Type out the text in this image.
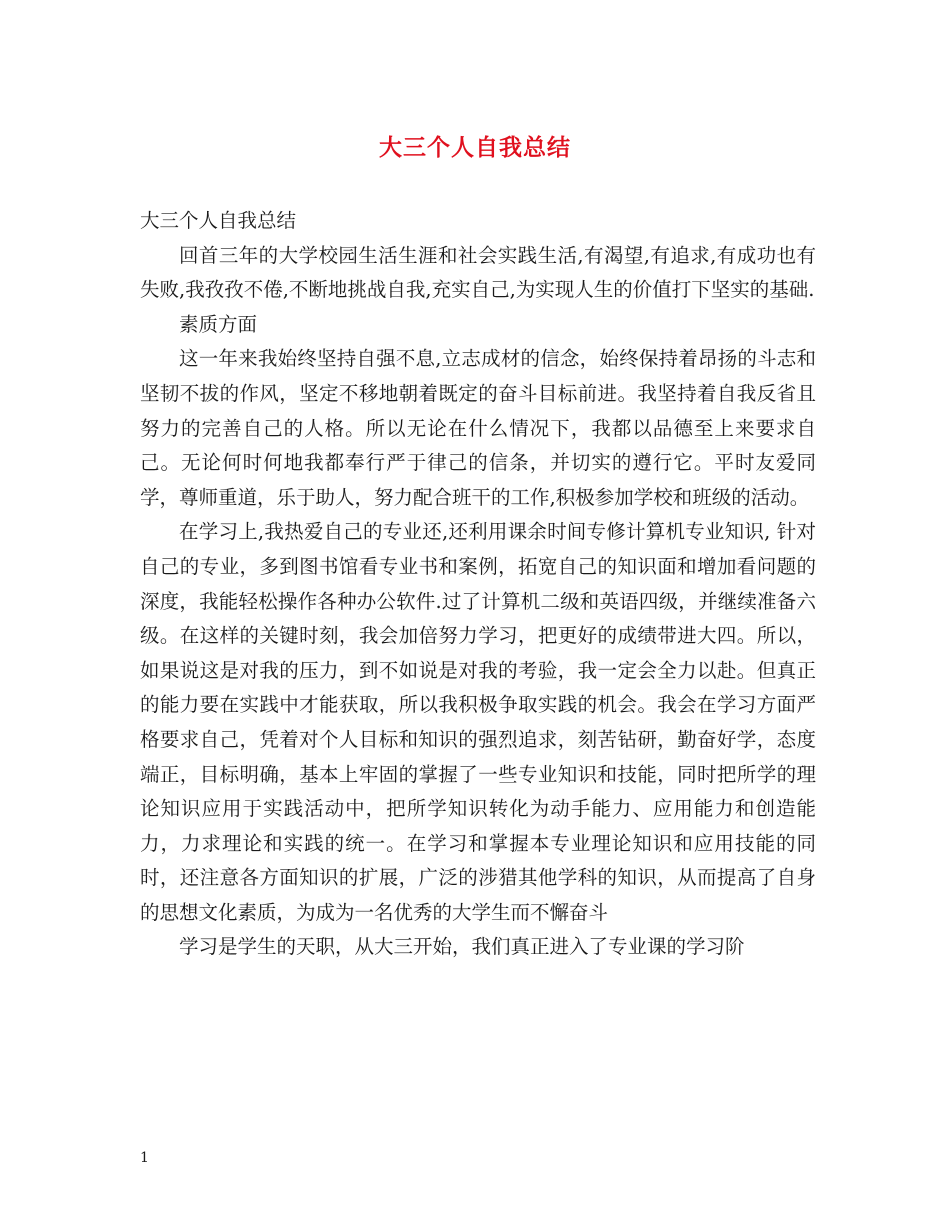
大三个人自我总结

大三个人自我总结

回首三年的大学校园生活生涯和社会实践生活,有渴望,有追求,有成功也有失败,我孜孜不倦,不断地挑战自我,充实自己,为实现人生的价值打下坚实的基础.

素质方面

这一年来我始终坚持自强不息,立志成材的信念，始终保持着昂扬的斗志和坚韧不拔的作风，坚定不移地朝着既定的奋斗目标前进。我坚持着自我反省且努力的完善自己的人格。所以无论在什么情况下，我都以品德至上来要求自己。无论何时何地我都奉行严于律己的信条，并切实的遵行它。平时友爱同学，尊师重道，乐于助人，努力配合班干的工作,积极参加学校和班级的活动。

在学习上,我热爱自己的专业还,还利用课余时间专修计算机专业知识, 针对自己的专业，多到图书馆看专业书和案例，拓宽自己的知识面和增加看问题的深度，我能轻松操作各种办公软件.过了计算机二级和英语四级，并继续准备六级。在这样的关键时刻，我会加倍努力学习，把更好的成绩带进大四。所以，如果说这是对我的压力，到不如说是对我的考验，我一定会全力以赴。但真正的能力要在实践中才能获取，所以我积极争取实践的机会。我会在学习方面严格要求自己，凭着对个人目标和知识的强烈追求，刻苦钻研，勤奋好学，态度端正，目标明确，基本上牢固的掌握了一些专业知识和技能，同时把所学的理论知识应用于实践活动中，把所学知识转化为动手能力、应用能力和创造能力，力求理论和实践的统一。在学习和掌握本专业理论知识和应用技能的同时，还注意各方面知识的扩展，广泛的涉猎其他学科的知识，从而提高了自身的思想文化素质，为成为一名优秀的大学生而不懈奋斗

学习是学生的天职，从大三开始，我们真正进入了专业课的学习阶

1
